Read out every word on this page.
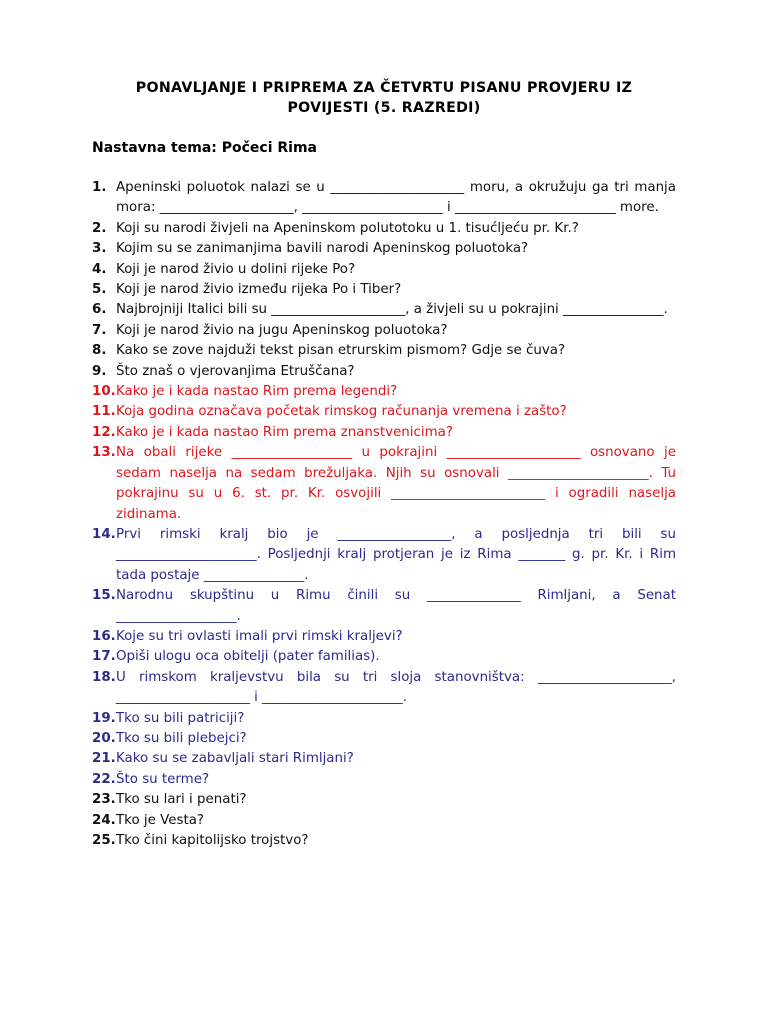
PONAVLJANJE I PRIPREMA ZA ČETVRTU PISANU PROVJERU IZ POVIJESTI (5. RAZREDI)
Nastavna tema: Počeci Rima
1. Apeninski poluotok nalazi se u ____________________ moru, a okružuju ga tri manja mora: ____________________, _____________________ i ________________________ more.
2. Koji su narodi živjeli na Apeninskom polutotoku u 1. tisućljeću pr. Kr.?
3. Kojim su se zanimanjima bavili narodi Apeninskog poluotoka?
4. Koji je narod živio u dolini rijeke Po?
5. Koji je narod živio između rijeka Po i Tiber?
6. Najbrojniji Italici bili su ____________________, a živjeli su u pokrajini _______________.
7. Koji je narod živio na jugu Apeninskog poluotoka?
8. Kako se zove najduži tekst pisan etrurskim pismom? Gdje se čuva?
9. Što znaš o vjerovanjima Etruščana?
10. Kako je i kada nastao Rim prema legendi?
11. Koja godina označava početak rimskog računanja vremena i zašto?
12. Kako je i kada nastao Rim prema znanstvenicima?
13. Na obali rijeke __________________ u pokrajini ____________________ osnovano je sedam naselja na sedam brežuljaka. Njih su osnovali _____________________. Tu pokrajinu su u 6. st. pr. Kr. osvojili _______________________ i ogradili naselja zidinama.
14. Prvi rimski kralj bio je _________________, a posljednja tri bili su _____________________. Posljednji kralj protjeran je iz Rima _______ g. pr. Kr. i Rim tada postaje _______________.
15. Narodnu skupštinu u Rimu činili su ______________ Rimljani, a Senat __________________.
16. Koje su tri ovlasti imali prvi rimski kraljevi?
17. Opiši ulogu oca obitelji (pater familias).
18. U rimskom kraljevstvu bila su tri sloja stanovništva: ____________________, ____________________ i _____________________.
19. Tko su bili patriciji?
20. Tko su bili plebejci?
21. Kako su se zabavljali stari Rimljani?
22. Što su terme?
23. Tko su lari i penati?
24. Tko je Vesta?
25. Tko čini kapitolijsko trojstvo?
